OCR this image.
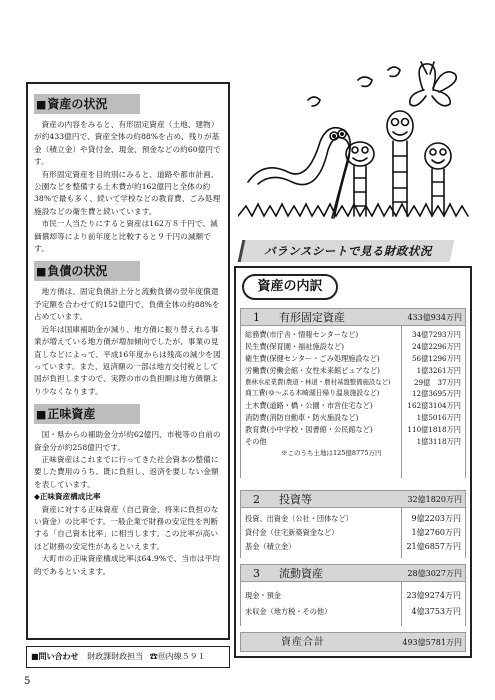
■資産の状況

資産の内容をみると、有形固定資産（土地、建物）が約433億円で、資産全体の約88%を占め、残りが基金（積立金）や貸付金、現金、預金などの約60億円です。

有形固定資産を目的別にみると、道路や都市計画、公園などを整備する土木費が約162億円と全体の約38%で最も多く、続いて学校などの教育費、ごみ処理施設などの衛生費と続いています。

市民一人当たりにすると資産は162万８千円で、減価償却等により前年度と比較すると９千円の減額です。

■負債の状況

地方債は、固定負債計上分と流動負債の翌年度償還予定額を合わせて約152億円で、負債全体の約88%を占めています。

近年は国庫補助金が減り、地方債に振り替えれる事業が増えている地方債が増加傾向でしたが、事業の見直しなどによって、平成16年度からは残高の減少を図っています。また、返済額の一部は地方交付税として国が負担しますので、実際の市の負担額は地方債額より少なくなります。

■正味資産

国・県からの補助金分が約62億円、市税等の自前の資金分が約258億円です。

正味資産はこれまでに行ってきた社会資本の整備に要した費用のうち、既に負担し、返済を要しない金額を表しています。

◆正味資産構成比率

資産に対する正味資産（自己資金、将来に負担のない資金）の比率です。一般企業で財務の安定性を判断する「自己資本比率」に相当します。この比率が高いほど財務の安定性があるといえます。

大町市の正味資産構成比率は64.9%で、当市は平均的であるといえます。

■問い合わせ 財政課財政担当 ☎㊞内線５９１
5
バランスシートで見る財政状況
資産の内訳
1 有形固定資産	433億934万円
総務費(市庁舎・情報センターなど)	34億7293万円
民生費(保育園・福祉施設など)	24億2296万円
衛生費(保健センター・ごみ処理施設など)	56億1296万円
労働費(労働会館・女性未来館ピュアなど)	1億3261万円
農林水産業費(農道・林道・農村基盤整備施設など)	29億　37万円
商工費(ゆ～ぷる木崎湖日帰り温泉施設など)	12億3695万円
土木費(道路・橋・公園・市営住宅など)	162億3104万円
消防費(消防自動車・防火施設など)	1億5016万円
教育費(小中学校・図書館・公民館など)	110億1818万円
その他	1億3118万円
※このうち土地は125億8775万円
2 投資等	32億1820万円
投資、出資金（公社・団体など）	9億2203万円
貸付金（住宅新築資金など）	1億2760万円
基金（積立金）	21億6857万円
3 流動資産	28億3027万円
現金・預金	23億9274万円
未収金（地方税・その他）	4億3753万円
資産合計	493億5781万円
